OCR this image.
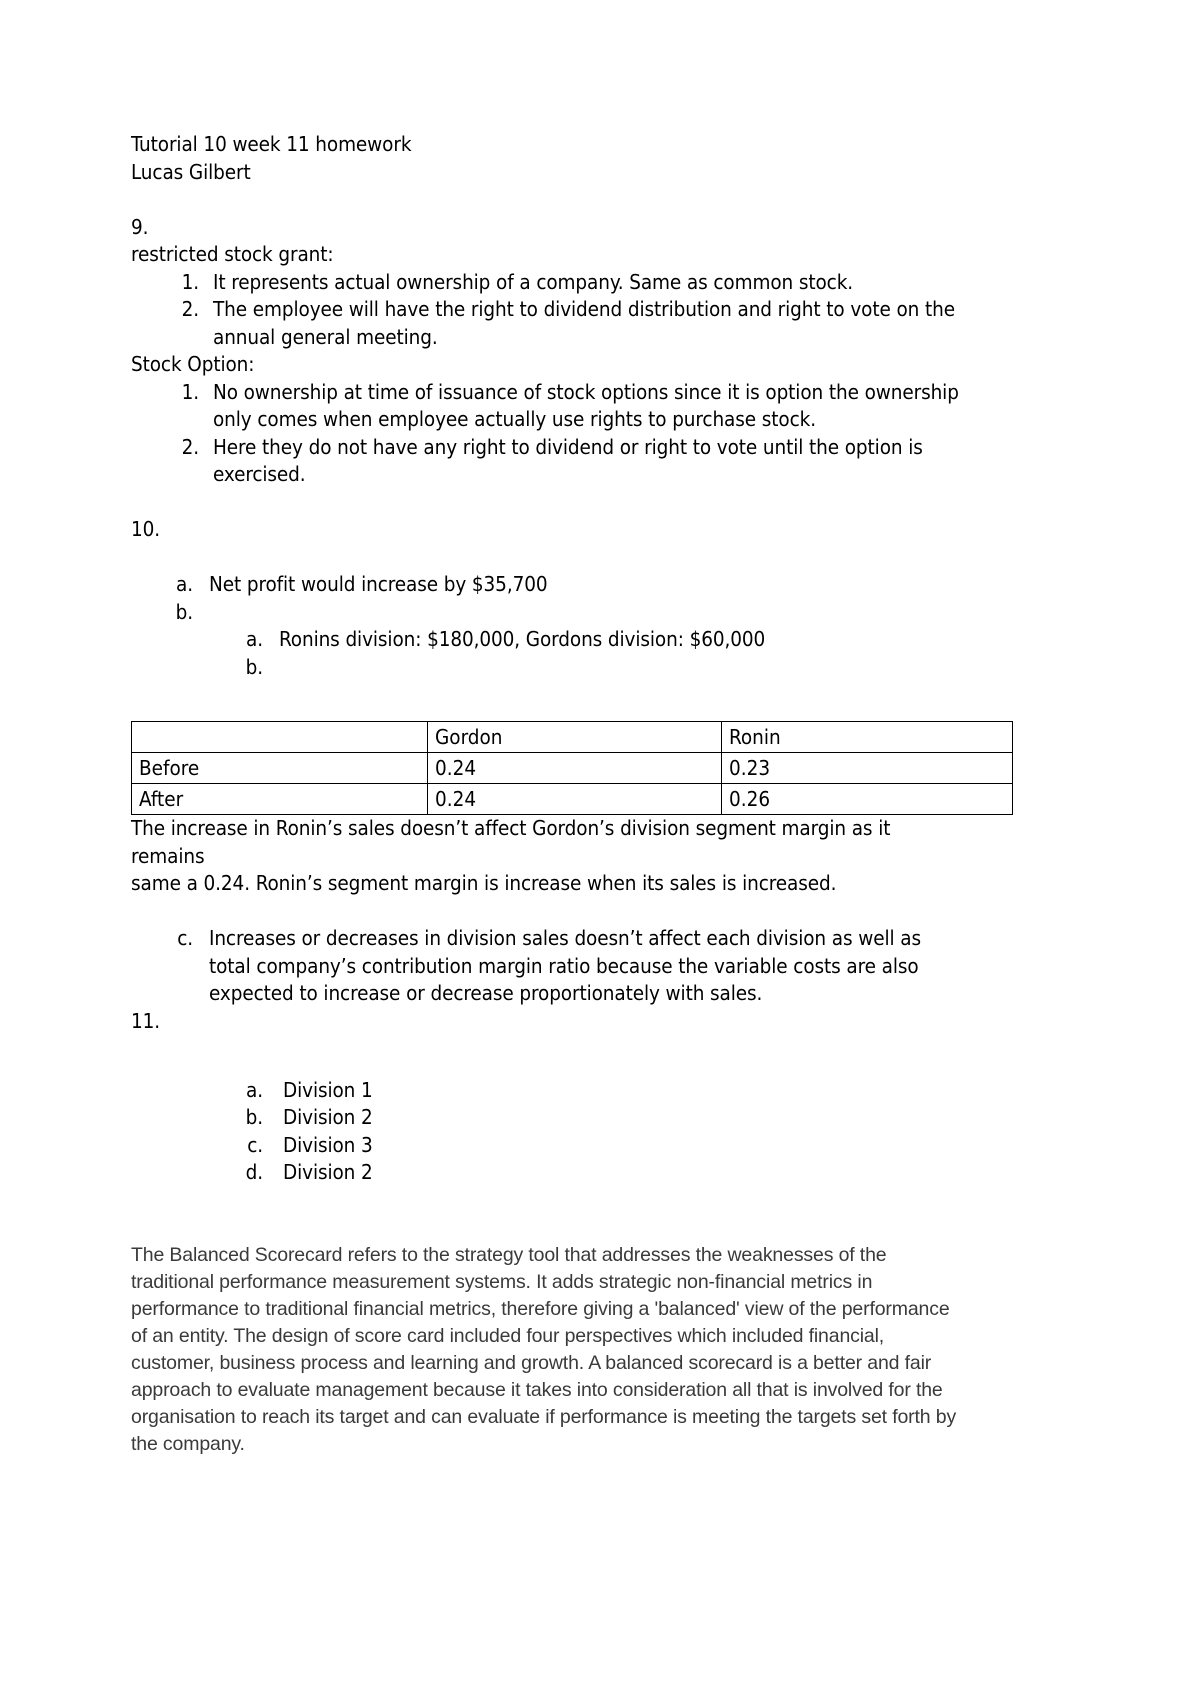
Tutorial 10 week 11 homework
Lucas Gilbert
9.
restricted stock grant:
1. It represents actual ownership of a company. Same as common stock.
2. The employee will have the right to dividend distribution and right to vote on the annual general meeting.
Stock Option:
1. No ownership at time of issuance of stock options since it is option the ownership only comes when employee actually use rights to purchase stock.
2. Here they do not have any right to dividend or right to vote until the option is exercised.
10.
a. Net profit would increase by $35,700
b.
a. Ronins division: $180,000, Gordons division: $60,000
b.
	Gordon	Ronin
Before	0.24	0.23
After	0.24	0.26
The increase in Ronin’s sales doesn’t affect Gordon’s division segment margin as it remains
same a 0.24. Ronin’s segment margin is increase when its sales is increased.
c. Increases or decreases in division sales doesn’t affect each division as well as total company’s contribution margin ratio because the variable costs are also expected to increase or decrease proportionately with sales.
11.
a. Division 1
b. Division 2
c. Division 3
d. Division 2
The Balanced Scorecard refers to the strategy tool that addresses the weaknesses of the
traditional performance measurement systems. It adds strategic non-financial metrics in
performance to traditional financial metrics, therefore giving a 'balanced' view of the performance
of an entity. The design of score card included four perspectives which included financial,
customer, business process and learning and growth. A balanced scorecard is a better and fair
approach to evaluate management because it takes into consideration all that is involved for the
organisation to reach its target and can evaluate if performance is meeting the targets set forth by
the company.
